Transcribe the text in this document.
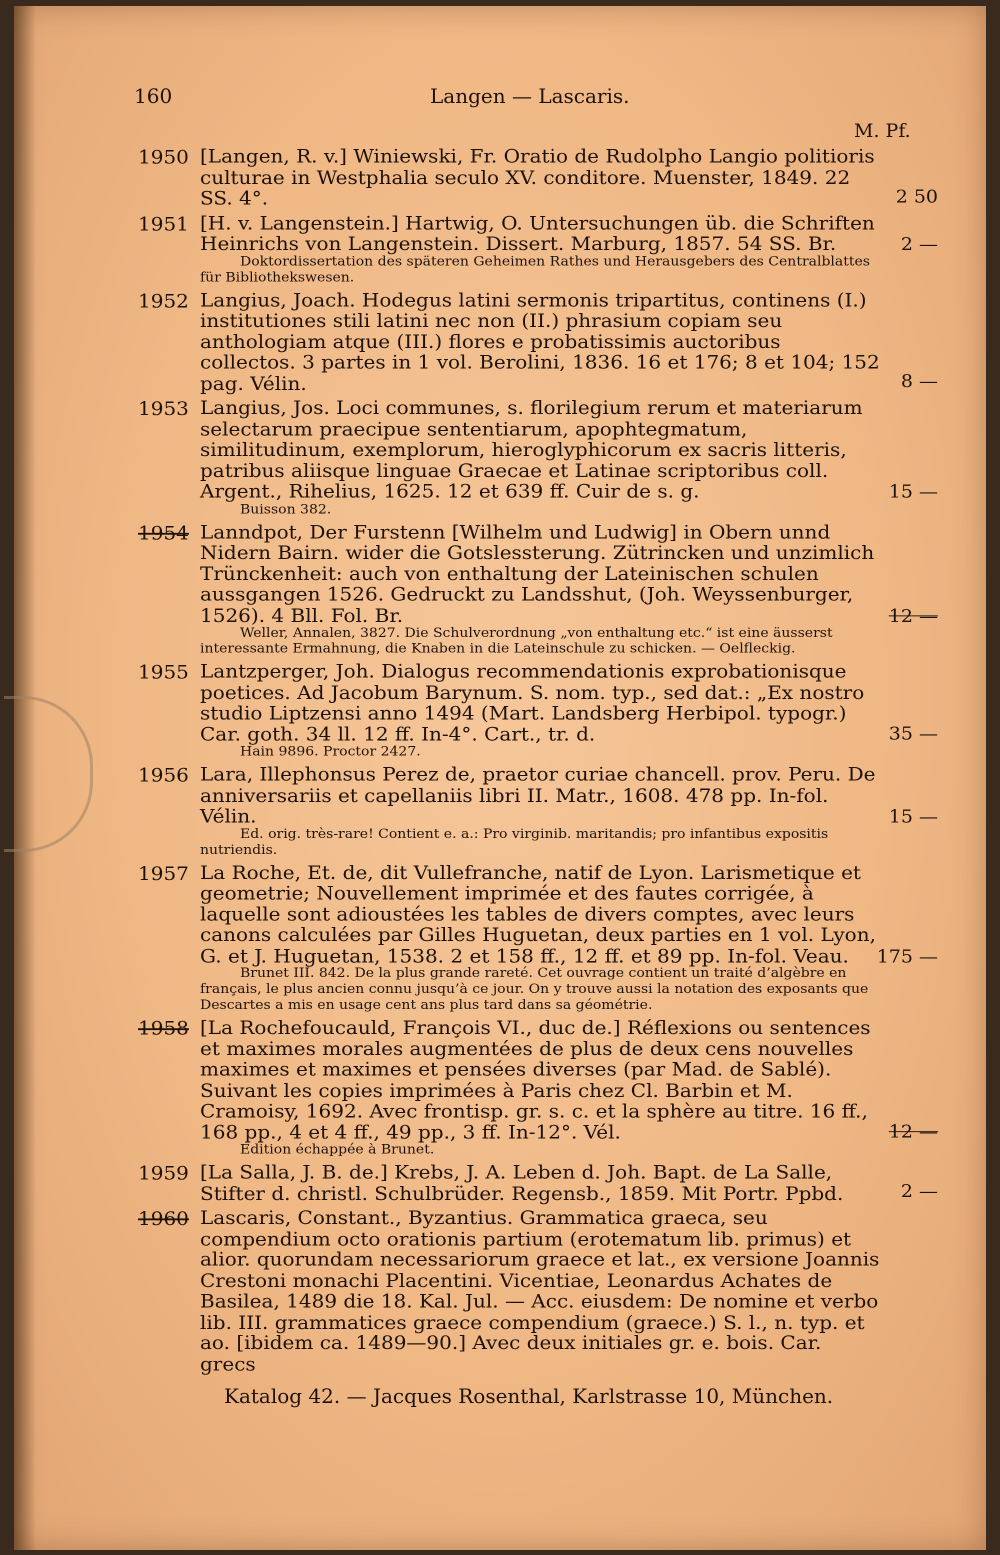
160	Langen — Lascaris.
M. Pf.
1950 [Langen, R. v.] Winiewski, Fr. Oratio de Rudolpho Langio politioris culturae in Westphalia seculo XV. conditore. Muenster, 1849. 22 SS. 4°.	2 50
1951 [H. v. Langenstein.] Hartwig, O. Untersuchungen üb. die Schriften Heinrichs von Langenstein. Dissert. Marburg, 1857. 54 SS. Br.	2 —
Doktordissertation des späteren Geheimen Rathes und Herausgebers des Centralblattes für Bibliothekswesen.
1952 Langius, Joach. Hodegus latini sermonis tripartitus, continens (I.) institutiones stili latini nec non (II.) phrasium copiam seu anthologiam atque (III.) flores e probatissimis auctoribus collectos. 3 partes in 1 vol. Berolini, 1836. 16 et 176; 8 et 104; 152 pag. Vélin.	8 —
1953 Langius, Jos. Loci communes, s. florilegium rerum et materiarum selectarum praecipue sententiarum, apophtegmatum, similitudinum, exemplorum, hieroglyphicorum ex sacris litteris, patribus aliisque linguae Graecae et Latinae scriptoribus coll. Argent., Rihelius, 1625. 12 et 639 ff. Cuir de s. g.	15 —
Buisson 382.
1954 Lanndpot, Der Furstenn [Wilhelm und Ludwig] in Obern unnd Nidern Bairn. wider die Gotslessterung. Zütrincken und unzimlich Trünckenheit: auch von enthaltung der Lateinischen schulen aussgangen 1526. Gedruckt zu Landsshut, (Joh. Weyssenburger, 1526). 4 Bll. Fol. Br.	12 —
Weller, Annalen, 3827. Die Schulverordnung „von enthaltung etc.“ ist eine äusserst interessante Ermahnung, die Knaben in die Lateinschule zu schicken. — Oelfleckig.
1955 Lantzperger, Joh. Dialogus recommendationis exprobationisque poetices. Ad Jacobum Barynum. S. nom. typ., sed dat.: „Ex nostro studio Liptzensi anno 1494 (Mart. Landsberg Herbipol. typogr.) Car. goth. 34 ll. 12 ff. In-4°. Cart., tr. d.	35 —
Hain 9896. Proctor 2427.
1956 Lara, Illephonsus Perez de, praetor curiae chancell. prov. Peru. De anniversariis et capellaniis libri II. Matr., 1608. 478 pp. In-fol. Vélin.	15 —
Ed. orig. très-rare! Contient e. a.: Pro virginib. maritandis; pro infantibus expositis nutriendis.
1957 La Roche, Et. de, dit Vullefranche, natif de Lyon. Larismetique et geometrie; Nouvellement imprimée et des fautes corrigée, à laquelle sont adioustées les tables de divers comptes, avec leurs canons calculées par Gilles Huguetan, deux parties en 1 vol. Lyon, G. et J. Huguetan, 1538. 2 et 158 ff., 12 ff. et 89 pp. In-fol. Veau.	175 —
Brunet III. 842. De la plus grande rareté. Cet ouvrage contient un traité d’algèbre en français, le plus ancien connu jusqu’à ce jour. On y trouve aussi la notation des exposants que Descartes a mis en usage cent ans plus tard dans sa géométrie.
1958 [La Rochefoucauld, François VI., duc de.] Réflexions ou sentences et maximes morales augmentées de plus de deux cens nouvelles maximes et maximes et pensées diverses (par Mad. de Sablé). Suivant les copies imprimées à Paris chez Cl. Barbin et M. Cramoisy, 1692. Avec frontisp. gr. s. c. et la sphère au titre. 16 ff., 168 pp., 4 et 4 ff., 49 pp., 3 ff. In-12°. Vél.	12 —
Edition échappée à Brunet.
1959 [La Salla, J. B. de.] Krebs, J. A. Leben d. Joh. Bapt. de La Salle, Stifter d. christl. Schulbrüder. Regensb., 1859. Mit Portr. Ppbd.	2 —
1960 Lascaris, Constant., Byzantius. Grammatica graeca, seu compendium octo orationis partium (erotematum lib. primus) et alior. quorundam necessariorum graece et lat., ex versione Joannis Crestoni monachi Placentini. Vicentiae, Leonardus Achates de Basilea, 1489 die 18. Kal. Jul. — Acc. eiusdem: De nomine et verbo lib. III. grammatices graece compendium (graece.) S. l., n. typ. et ao. [ibidem ca. 1489—90.] Avec deux initiales gr. e. bois. Car. grecs
Katalog 42. — Jacques Rosenthal, Karlstrasse 10, München.
